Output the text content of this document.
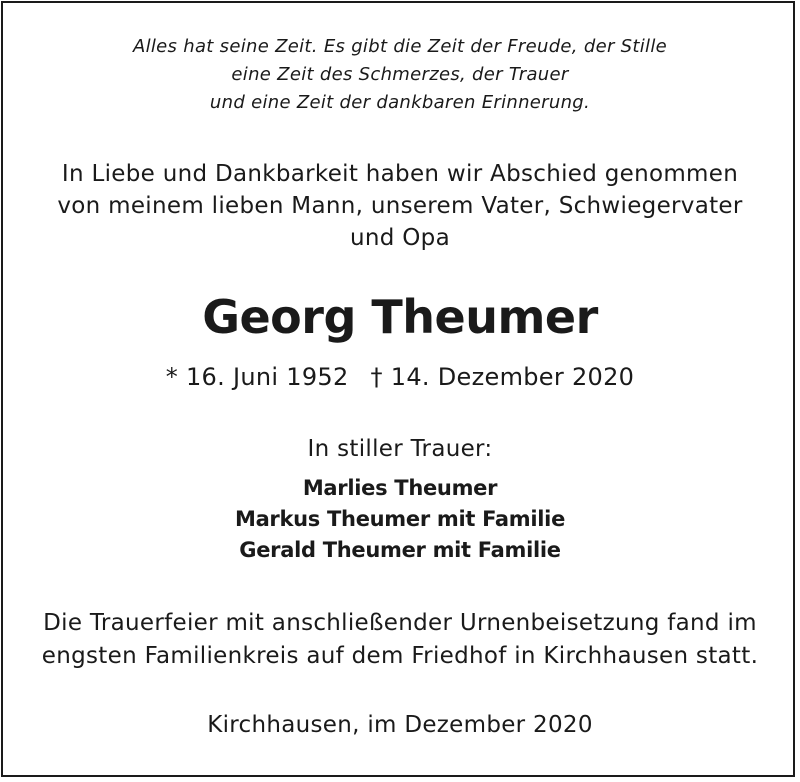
Alles hat seine Zeit. Es gibt die Zeit der Freude, der Stille
eine Zeit des Schmerzes, der Trauer
und eine Zeit der dankbaren Erinnerung.
In Liebe und Dankbarkeit haben wir Abschied genommen
von meinem lieben Mann, unserem Vater, Schwiegervater
und Opa
Georg Theumer
* 16. Juni 1952 † 14. Dezember 2020
In stiller Trauer:
Marlies Theumer
Markus Theumer mit Familie
Gerald Theumer mit Familie
Die Trauerfeier mit anschließender Urnenbeisetzung fand im
engsten Familienkreis auf dem Friedhof in Kirchhausen statt.
Kirchhausen, im Dezember 2020
